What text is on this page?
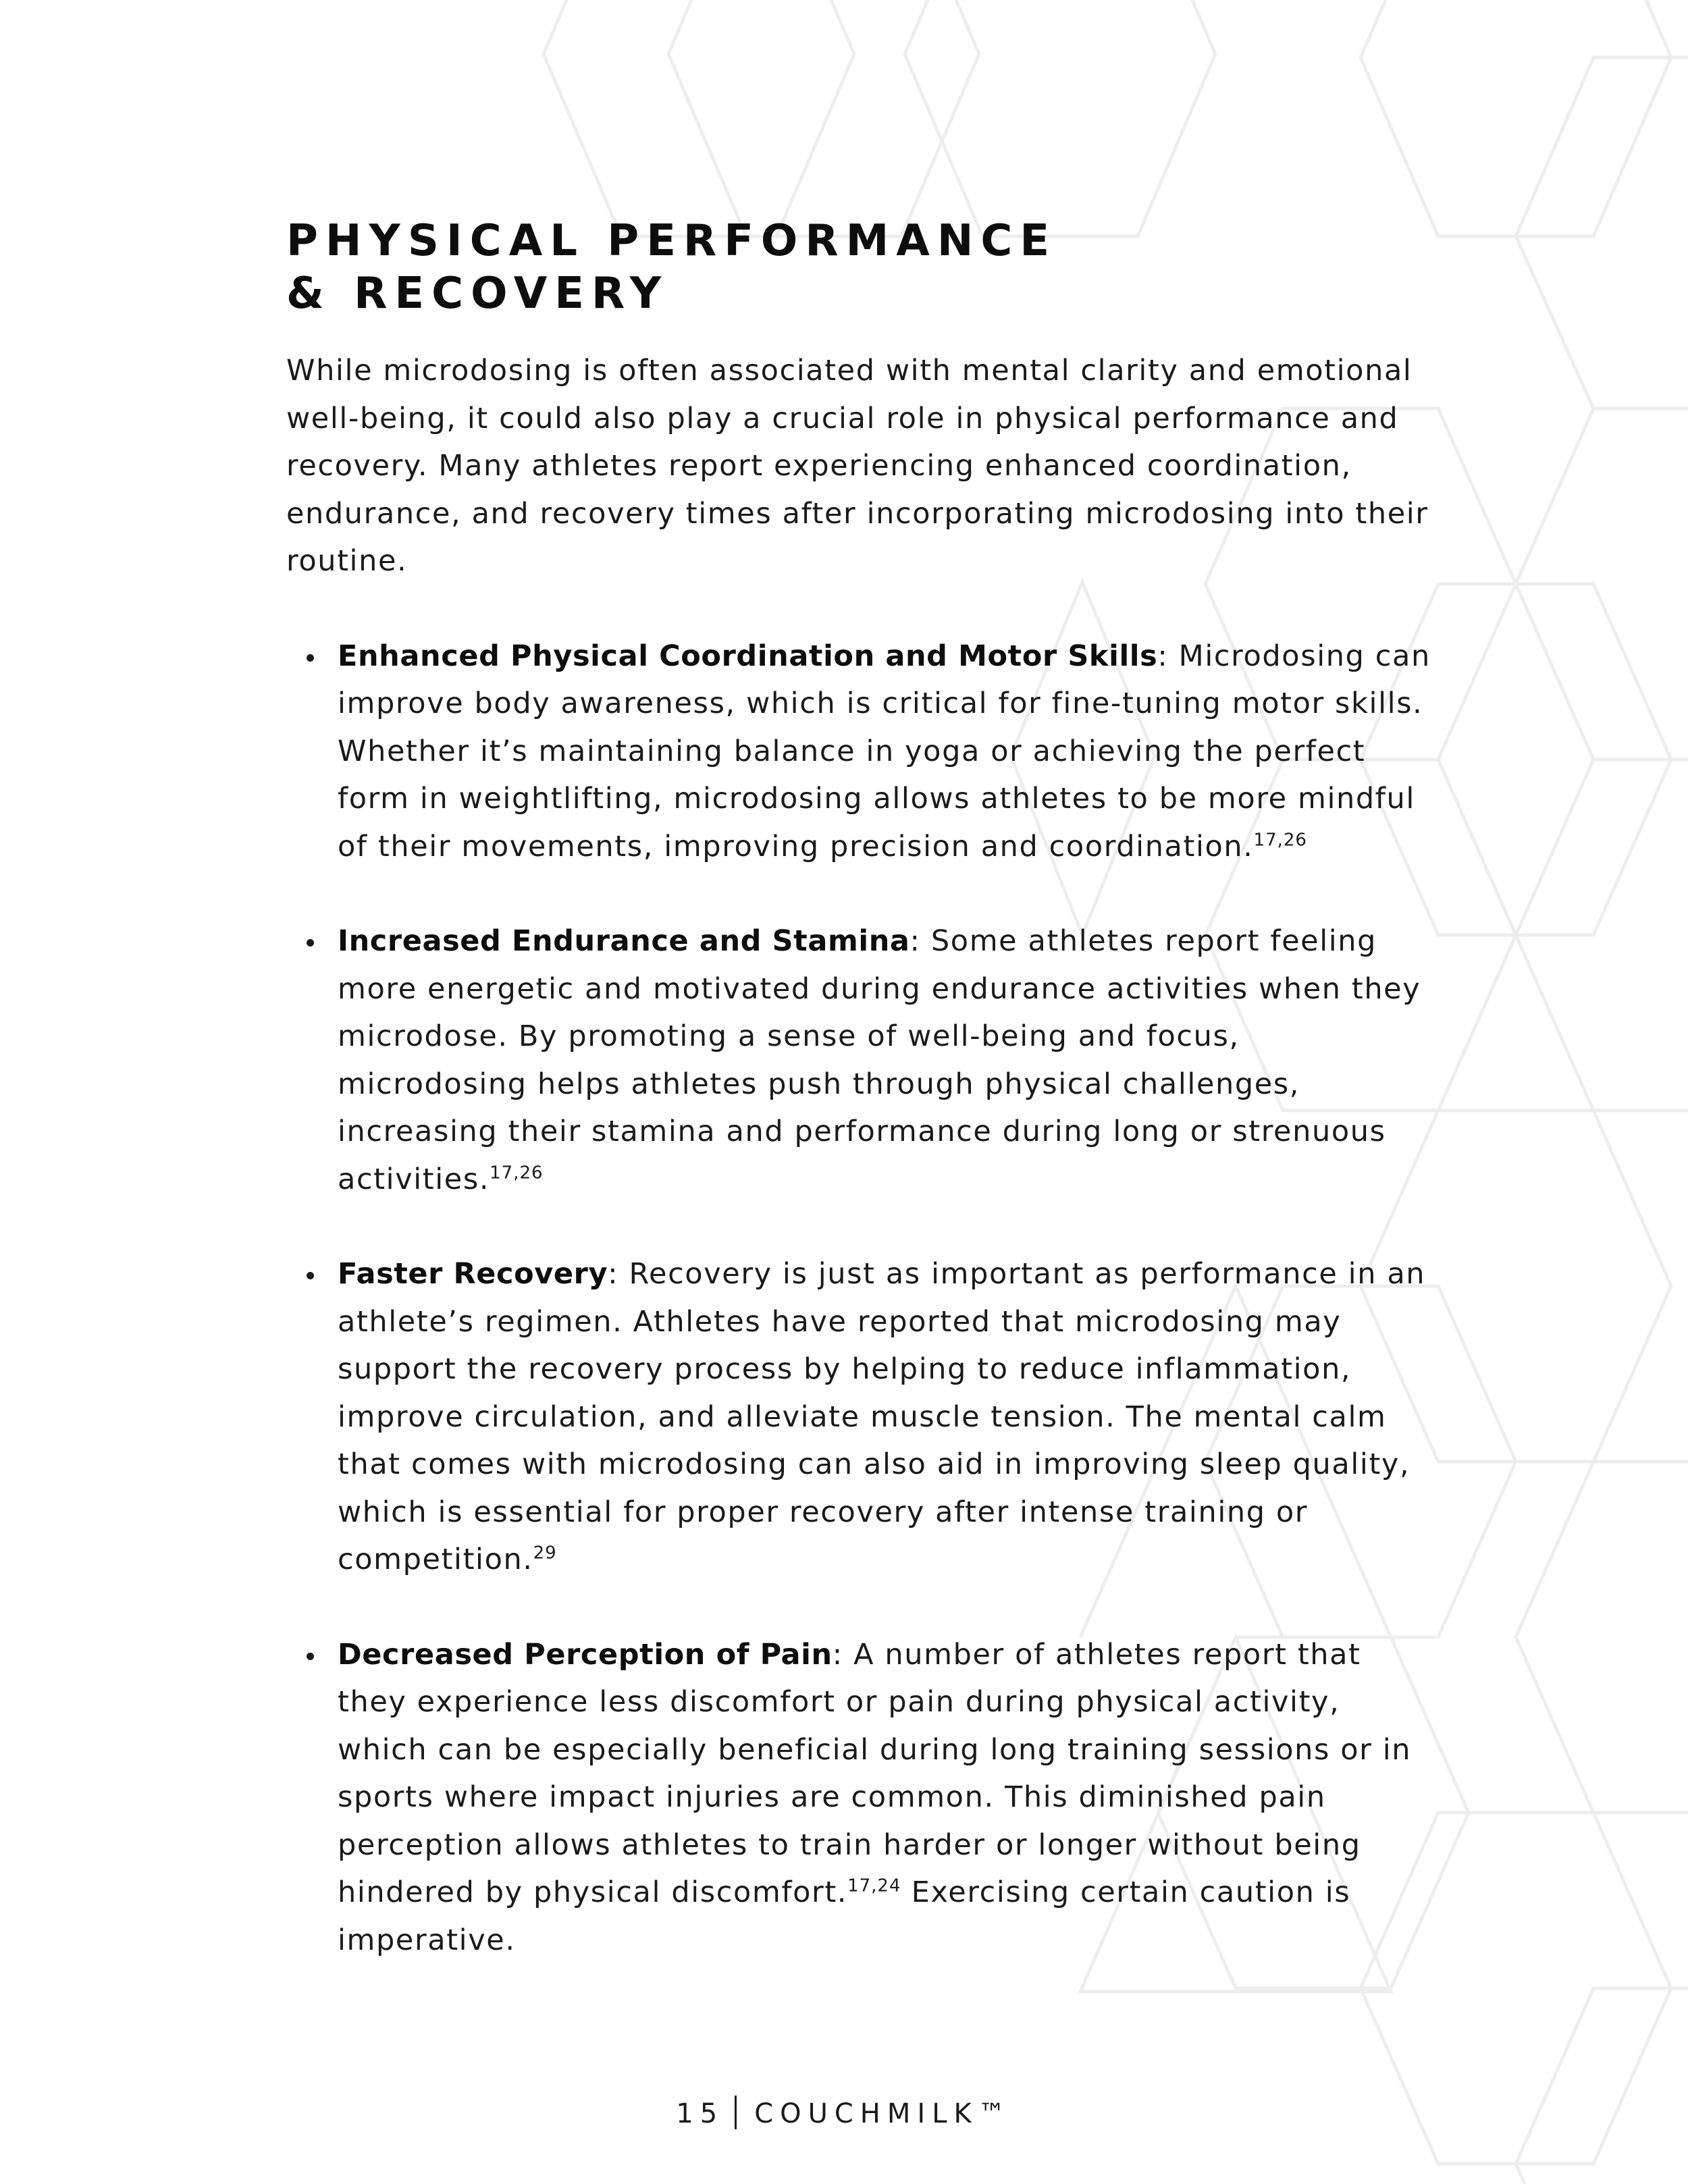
PHYSICAL PERFORMANCE
& RECOVERY

While microdosing is often associated with mental clarity and emotional well-being, it could also play a crucial role in physical performance and recovery. Many athletes report experiencing enhanced coordination, endurance, and recovery times after incorporating microdosing into their routine.

Enhanced Physical Coordination and Motor Skills: Microdosing can improve body awareness, which is critical for fine-tuning motor skills. Whether it’s maintaining balance in yoga or achieving the perfect form in weightlifting, microdosing allows athletes to be more mindful of their movements, improving precision and coordination.$^{17,26}$
Increased Endurance and Stamina: Some athletes report feeling more energetic and motivated during endurance activities when they microdose. By promoting a sense of well-being and focus, microdosing helps athletes push through physical challenges, increasing their stamina and performance during long or strenuous activities.$^{17,26}$
Faster Recovery: Recovery is just as important as performance in an athlete’s regimen. Athletes have reported that microdosing may support the recovery process by helping to reduce inflammation, improve circulation, and alleviate muscle tension. The mental calm that comes with microdosing can also aid in improving sleep quality, which is essential for proper recovery after intense training or competition.$^{29}$
Decreased Perception of Pain: A number of athletes report that they experience less discomfort or pain during physical activity, which can be especially beneficial during long training sessions or in sports where impact injuries are common. This diminished pain perception allows athletes to train harder or longer without being hindered by physical discomfort.$^{17,24}$ Exercising certain caution is imperative.
15 COUCHMILK™
